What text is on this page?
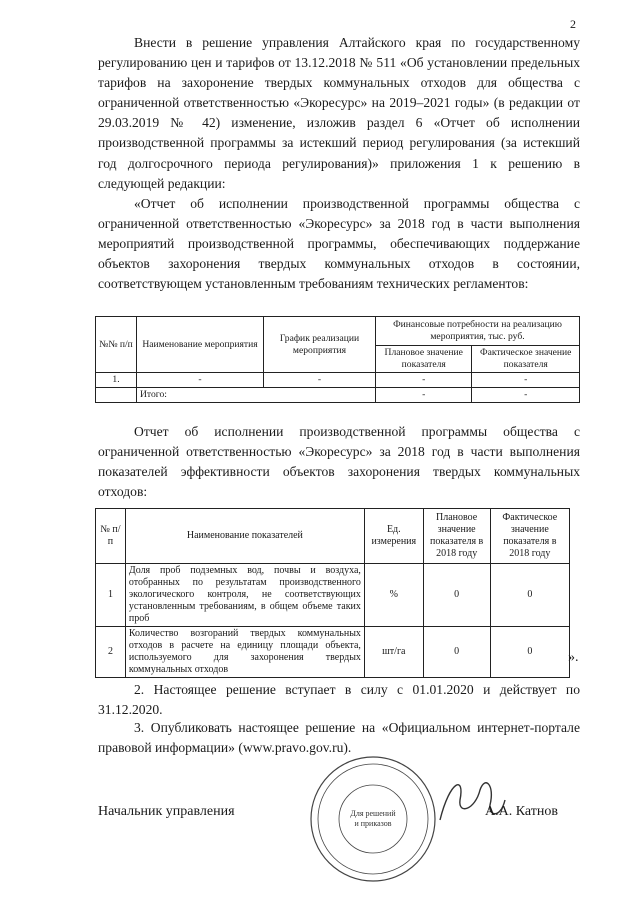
2

Внести в решение управления Алтайского края по государственному регулированию цен и тарифов от 13.12.2018 № 511 «Об установлении предельных тарифов на захоронение твердых коммунальных отходов для общества с ограниченной ответственностью «Экоресурс» на 2019–2021 годы» (в редакции от 29.03.2019 № 42) изменение, изложив раздел 6 «Отчет об исполнении производственной программы за истекший период регулирования (за истекший год долгосрочного периода регулирования)» приложения 1 к решению в следующей редакции:

«Отчет об исполнении производственной программы общества с ограниченной ответственностью «Экоресурс» за 2018 год в части выполнения мероприятий производственной программы, обеспечивающих поддержание объектов захоронения твердых коммунальных отходов в состоянии, соответствующем установленным требованиям технических регламентов:

№№ п/п	Наименование мероприятия	График реализации мероприятия	Финансовые потребности на реализацию мероприятия, тыс. руб.	
			Плановое значение показателя	Фактическое значение показателя
1.	-	-	-	-
	Итого:		-	-

Отчет об исполнении производственной программы общества с ограниченной ответственностью «Экоресурс» за 2018 год в части выполнения показателей эффективности объектов захоронения твердых коммунальных отходов:

№ п/п	Наименование показателей	Ед. измерения	Плановое значение показателя в 2018 году	Фактическое значение показателя в 2018 году
1	Доля проб подземных вод, почвы и воздуха, отобранных по результатам производственного экологического контроля, не соответствующих установленным требованиям, в общем объеме таких проб	%	0	0
2	Количество возгораний твердых коммунальных отходов в расчете на единицу площади объекта, используемого для захоронения твердых коммунальных отходов	шт/га	0	0	».

2. Настоящее решение вступает в силу с 01.01.2020 и действует по 31.12.2020.

3. Опубликовать настоящее решение на «Официальном интернет-портале правовой информации» (www.pravo.gov.ru).

Для решений
и приказов
Начальник управления	А.А. Катнов
